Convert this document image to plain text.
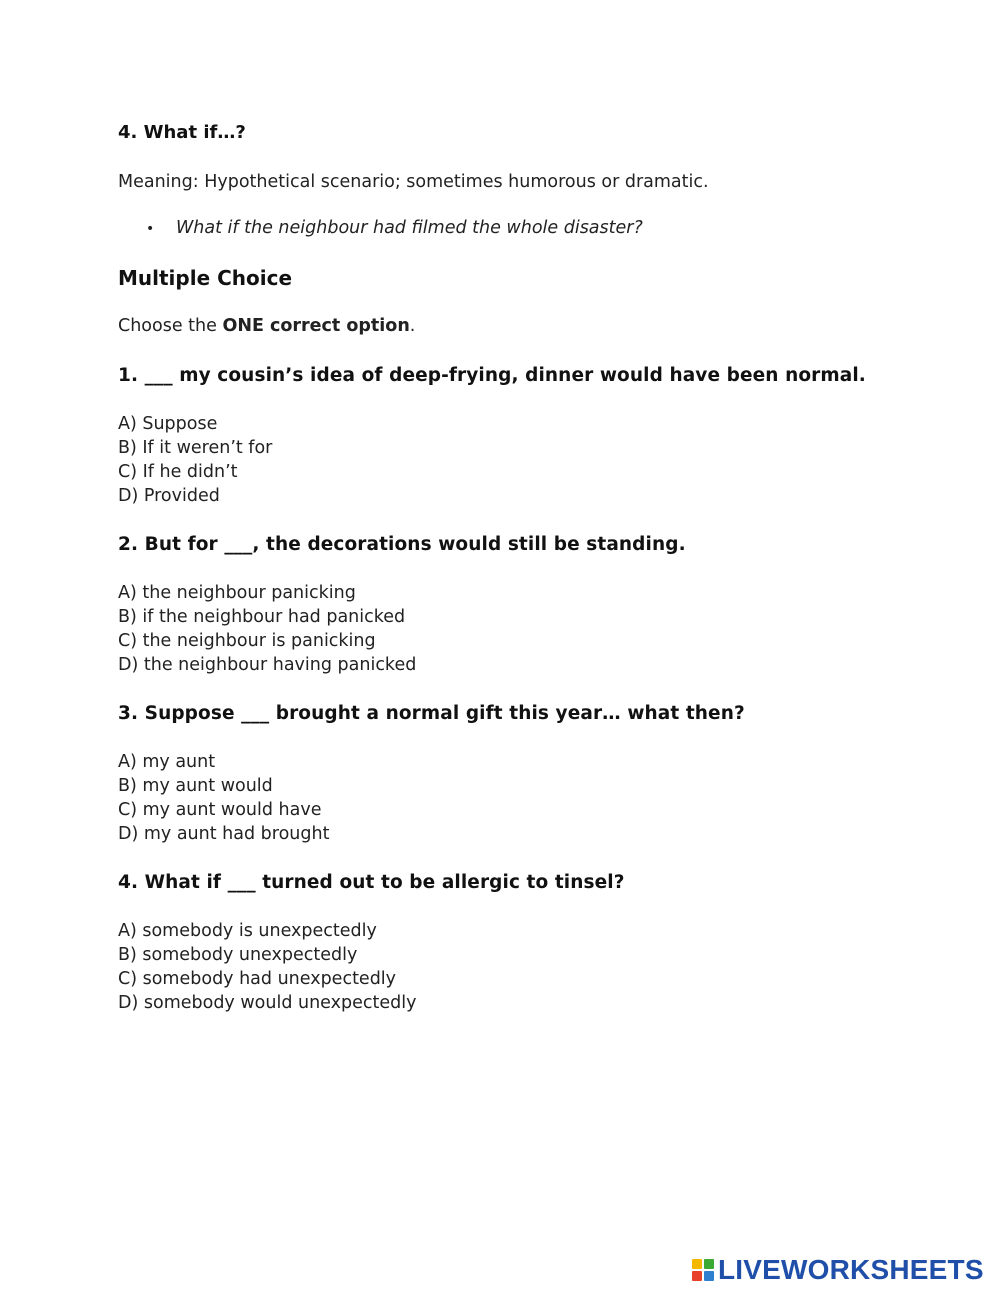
4. What if…?
Meaning: Hypothetical scenario; sometimes humorous or dramatic.
• What if the neighbour had filmed the whole disaster?
Multiple Choice
Choose the ONE correct option.
1. ___ my cousin’s idea of deep-frying, dinner would have been normal.
A) Suppose
B) If it weren’t for
C) If he didn’t
D) Provided
2. But for ___, the decorations would still be standing.
A) the neighbour panicking
B) if the neighbour had panicked
C) the neighbour is panicking
D) the neighbour having panicked
3. Suppose ___ brought a normal gift this year… what then?
A) my aunt
B) my aunt would
C) my aunt would have
D) my aunt had brought
4. What if ___ turned out to be allergic to tinsel?
A) somebody is unexpectedly
B) somebody unexpectedly
C) somebody had unexpectedly
D) somebody would unexpectedly
LIVEWORKSHEETS
